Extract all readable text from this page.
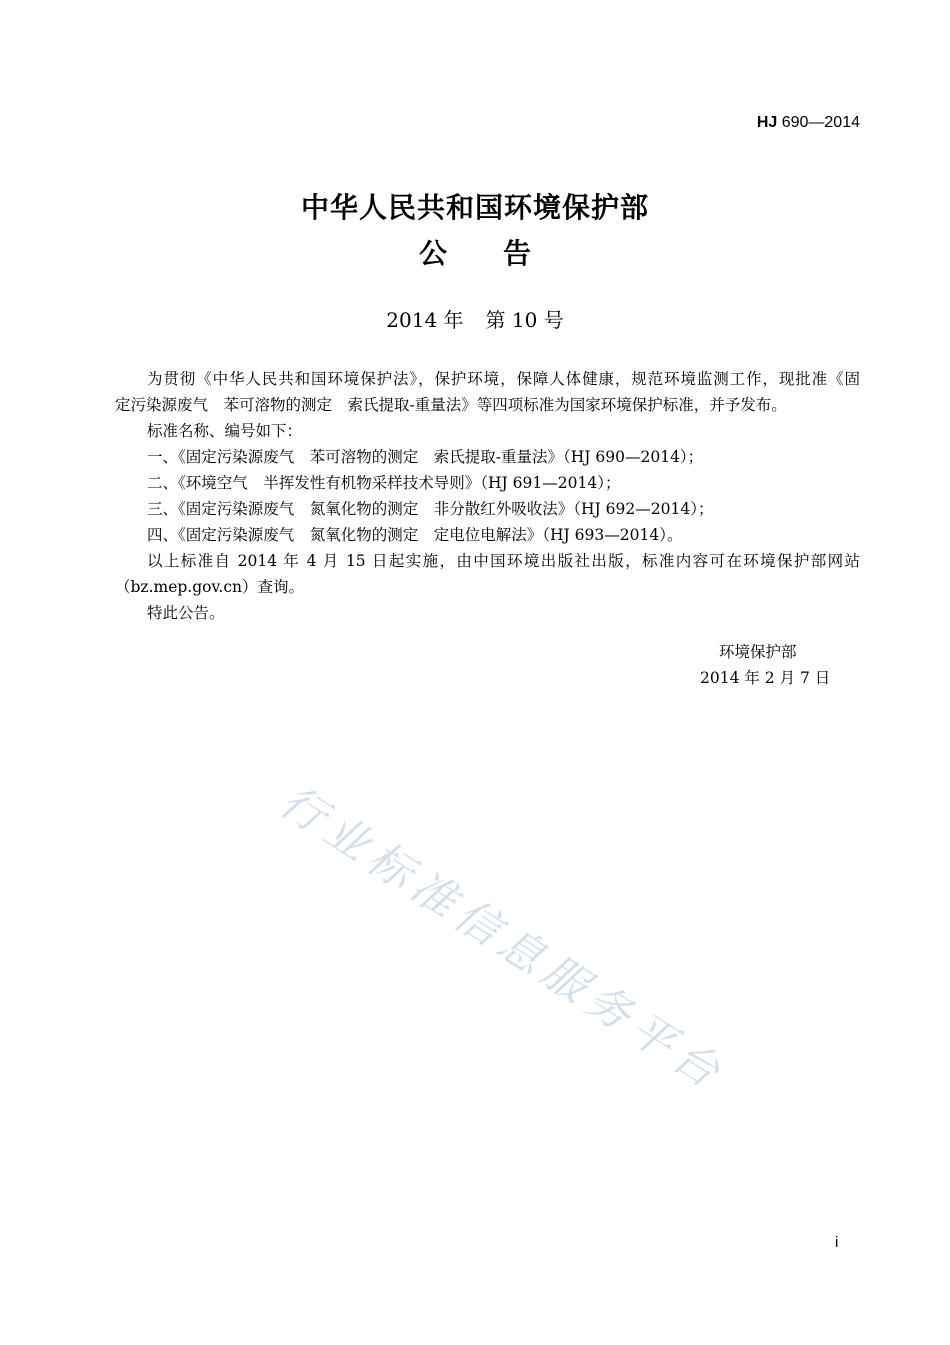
HJ 690—2014
中华人民共和国环境保护部
公 告
2014 年 第 10 号

为贯彻《中华人民共和国环境保护法》，保护环境，保障人体健康，规范环境监测工作，现批准《固

定污染源废气　苯可溶物的测定　索氏提取-重量法》等四项标准为国家环境保护标准，并予发布。

标准名称、编号如下：

一、《固定污染源废气　苯可溶物的测定　索氏提取-重量法》（HJ 690—2014）；

二、《环境空气　半挥发性有机物采样技术导则》（HJ 691—2014）；

三、《固定污染源废气　氮氧化物的测定　非分散红外吸收法》（HJ 692—2014）；

四、《固定污染源废气　氮氧化物的测定　定电位电解法》（HJ 693—2014）。

以上标准自 2014 年 4 月 15 日起实施，由中国环境出版社出版，标准内容可在环境保护部网站

（bz.mep.gov.cn）查询。

特此公告。

环境保护部
2014 年 2 月 7 日
行业标准信息服务平台
i
